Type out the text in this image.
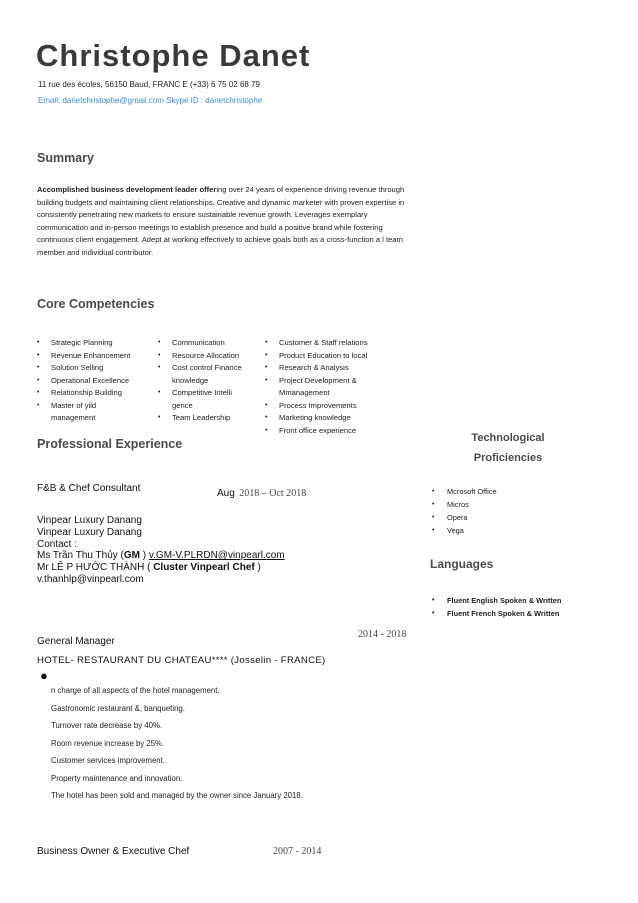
Christophe Danet
11 rue des écoles, 56150 Baud, FRANC E (+33) 6 75 02 68 79
Email: danetchristophe@gmail.com Skype ID : danetchristophe
Summary

Accomplished business development leader offering over 24 years of experience driving revenue through building budgets and maintaining client relationships. Creative and dynamic marketer with proven expertise in consistently penetrating new markets to ensure sustainable revenue growth. Leverages exemplary communication and in-person meetings to establish presence and build a positive brand while fostering continuous client engagement. Adept at working effectively to achieve goals both as a cross-function a l team member and individual contributor.

Core Competencies
• Strategic Planning
• Revenue Enhancement
• Solution Selling
• Operational Excellence
• Relationship Building
• Master of yild management
• Communication
• Resource Allocation
• Cost control Finance knowledge
• Competitive Intelli gence
• Team Leadership
• Customer & Staff relations
• Product Education to local
• Research & Analysis
• Project Development & Mmanagement
• Process Improvements
• Marketing knowledge
• Front office experience
Technological
Proficiencies
• Mcrosoft Office
• Micros
• Opera
• Vega
Languages
• Fluent English Spoken & Written
• Fluent French Spoken & Written
Professional Experience
F&B & Chef Consultant	Aug 2018 – Oct 2018
Vinpear Luxury Danang
Vinpear Luxury Danang
Contact :
Ms Trần Thu Thủy (GM ) v.GM-V.PLRDN@vinpearl.com
Mr LÊ P HƯỚC THÀNH ( Cluster Vinpearl Chef )
v.thanhlp@vinpearl.com
General Manager
2014 - 2018
HOTEL- RESTAURANT DU CHATEAU**** (Josselin - FRANCE)
●
n charge of all aspects of the hotel management.
Gastronomic restaurant &, banqueting.
Turnover rate decrease by 40%.
Room revenue increase by 25%.
Customer services improvement.
Property maintenance and innovation.
The hotel has been sold and managed by the owner since January 2018.
Business Owner & Executive Chef	2007 - 2014
